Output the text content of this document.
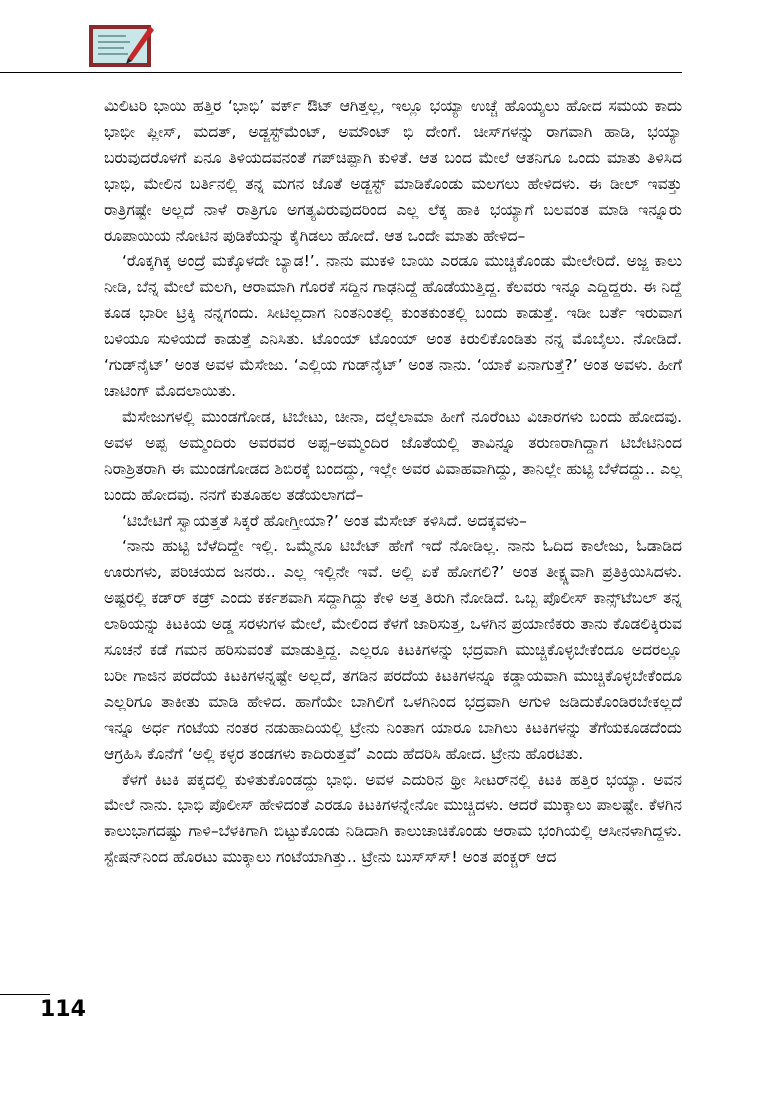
ಮಿಲಿಟರಿ ಭಾಯಿ ಹತ್ತಿರ ‘ಭಾಭಿ’ ವರ್ಕ್ ಔಟ್ ಆಗಿತ್ತಲ್ಲ, ಇಲ್ಲೂ ಭಯ್ಯಾ ಉಚ್ಚೆ ಹೊಯ್ಯಲು ಹೋದ ಸಮಯ ಕಾದು ಭಾಭೀ ಪ್ಲೀಸ್, ಮದತ್, ಅಡ್ಜಸ್ಟ್‌ಮೆಂಟ್, ಅಮೌಂಟ್ ಭಿ ದೇಂಗೆ. ಚೀಸ್‌ಗಳನ್ನು ರಾಗವಾಗಿ ಹಾಡಿ, ಭಯ್ಯಾ ಬರುವುದರೊಳಗೆ ಏನೂ ತಿಳಿಯದವನಂತೆ ಗಪ್‌ಚಿಪ್ಪಾಗಿ ಕುಳಿತೆ. ಆತ ಬಂದ ಮೇಲೆ ಆತನಿಗೂ ಒಂದು ಮಾತು ತಿಳಿಸಿದ ಭಾಭಿ, ಮೇಲಿನ ಬರ್ತಿನಲ್ಲಿ ತನ್ನ ಮಗನ ಜೊತೆ ಅಡ್ಜಸ್ಟ್ ಮಾಡಿಕೊಂಡು ಮಲಗಲು ಹೇಳಿದಳು. ಈ ಡೀಲ್ ಇವತ್ತು ರಾತ್ರಿಗಷ್ಟೇ ಅಲ್ಲದೆ ನಾಳೆ ರಾತ್ರಿಗೂ ಅಗತ್ಯವಿರುವುದರಿಂದ ಎಲ್ಲ ಲೆಕ್ಕ ಹಾಕಿ ಭಯ್ಯಾಗೆ ಬಲವಂತ ಮಾಡಿ ಇನ್ನೂರು ರೂಪಾಯಿಯ ನೋಟಿನ ಪುಡಿಕೆಯನ್ನು ಕೈಗಿಡಲು ಹೋದೆ. ಆತ ಒಂದೇ ಮಾತು ಹೇಳಿದ–

‘ರೊಕ್ಕಗಿಕ್ಕ ಅಂದ್ರೆ ಮಕ್ಕೊಳದೇ ಬ್ಯಾಡ!’. ನಾನು ಮುಕಳಿ ಬಾಯಿ ಎರಡೂ ಮುಚ್ಚಿಕೊಂಡು ಮೇಲೇರಿದೆ. ಅಜ್ಜ ಕಾಲು ನೀಡಿ, ಬೆನ್ನ ಮೇಲೆ ಮಲಗಿ, ಆರಾಮಾಗಿ ಗೊರಕೆ ಸದ್ದಿನ ಗಾಢನಿದ್ದೆ ಹೊಡೆಯುತ್ತಿದ್ದ. ಕೆಲವರು ಇನ್ನೂ ಎದ್ದಿದ್ದರು. ಈ ನಿದ್ದೆ ಕೂಡ ಭಾರೀ ಟ್ರಿಕ್ಕಿ ನನ್ನಗಂದು. ಸೀಟಿಲ್ಲದಾಗ ನಿಂತನಿಂತಲ್ಲಿ ಕುಂತಕುಂತಲ್ಲಿ ಬಂದು ಕಾಡುತ್ತೆ. ಇಡೀ ಬರ್ತೆ ಇರುವಾಗ ಬಳಿಯೂ ಸುಳಿಯದೆ ಕಾಡುತ್ತೆ ಎನಿಸಿತು. ಟೊಂಯ್ ಟೊಂಯ್ ಅಂತ ಕಿರುಲಿಕೊಂಡಿತು ನನ್ನ ಮೊಬೈಲು. ನೋಡಿದೆ. ‘ಗುಡ್‌ನೈಟ್’ ಅಂತ ಅವಳ ಮೆಸೇಜು. ‘ಎಲ್ಲಿಯ ಗುಡ್‌ನೈಟ್’ ಅಂತ ನಾನು. ‘ಯಾಕೆ ಏನಾಗುತ್ತೆ?’ ಅಂತ ಅವಳು. ಹೀಗೆ ಚಾಟಿಂಗ್ ಮೊದಲಾಯಿತು.

ಮೆಸೇಜುಗಳಲ್ಲಿ ಮುಂಡಗೋಡ, ಟಿಬೇಟು, ಚೀನಾ, ದಲ್ಲೆಲಾಮಾ ಹೀಗೆ ನೂರೆಂಟು ವಿಚಾರಗಳು ಬಂದು ಹೋದವು. ಅವಳ ಅಪ್ಪ ಅಮ್ಮಂದಿರು ಅವರವರ ಅಪ್ಪ–ಅಮ್ಮಂದಿರ ಜೊತೆಯಲ್ಲಿ ತಾವಿನ್ನೂ ತರುಣರಾಗಿದ್ದಾಗ ಟಿಬೇಟಿನಿಂದ ನಿರಾಶ್ರಿತರಾಗಿ ಈ ಮುಂಡಗೋಡದ ಶಿಬಿರಕ್ಕೆ ಬಂದದ್ದು, ಇಲ್ಲೇ ಅವರ ವಿವಾಹವಾಗಿದ್ದು, ತಾನಿಲ್ಲೇ ಹುಟ್ಟಿ ಬೆಳೆದದ್ದು.. ಎಲ್ಲ ಬಂದು ಹೋದವು. ನನಗೆ ಕುತೂಹಲ ತಡೆಯಲಾಗದೆ–

‘ಟಿಬೇಟಿಗೆ ಸ್ವಾಯತ್ತತೆ ಸಿಕ್ಕರೆ ಹೋಗ್ತೀಯಾ?’ ಅಂತ ಮೆಸೇಜ್ ಕಳಿಸಿದೆ. ಅದಕ್ಕವಳು–

‘ನಾನು ಹುಟ್ಟಿ ಬೆಳೆದಿದ್ದೇ ಇಲ್ಲಿ. ಒಮ್ಮೆನೂ ಟಿಬೇಟ್ ಹೇಗೆ ಇದೆ ನೋಡಿಲ್ಲ. ನಾನು ಓದಿದ ಕಾಲೇಜು, ಓಡಾಡಿದ ಊರುಗಳು, ಪರಿಚಯದ ಜನರು.. ಎಲ್ಲ ಇಲ್ಲಿನೇ ಇವೆ. ಅಲ್ಲಿ ಏಕೆ ಹೋಗಲಿ?’ ಅಂತ ತೀಕ್ಷ್ಣವಾಗಿ ಪ್ರತಿಕ್ರಿಯಿಸಿದಳು. ಅಷ್ಟರಲ್ಲಿ ಕಡ್‌ರ್ ಕಡ್ರ್ ಎಂದು ಕರ್ಕಶವಾಗಿ ಸದ್ದಾಗಿದ್ದು ಕೇಳಿ ಅತ್ತ ತಿರುಗಿ ನೋಡಿದೆ. ಒಬ್ಬ ಪೊಲೀಸ್ ಕಾನ್ಸ್‌ಟೆಬಲ್ ತನ್ನ ಲಾಠಿಯನ್ನು ಕಿಟಕಿಯ ಅಡ್ಡ ಸರಳುಗಳ ಮೇಲೆ, ಮೇಲಿಂದ ಕೆಳಗೆ ಜಾರಿಸುತ್ತ, ಒಳಗಿನ ಪ್ರಯಾಣಿಕರು ತಾನು ಕೊಡಲಿಕ್ಕಿರುವ ಸೂಚನೆ ಕಡೆ ಗಮನ ಹರಿಸುವಂತೆ ಮಾಡುತ್ತಿದ್ದ. ಎಲ್ಲರೂ ಕಿಟಕಿಗಳನ್ನು ಭದ್ರವಾಗಿ ಮುಚ್ಚಿಕೊಳ್ಳಬೇಕೆಂದೂ ಅದರಲ್ಲೂ ಬರೀ ಗಾಜಿನ ಪರದೆಯ ಕಿಟಕಿಗಳನ್ನಷ್ಟೇ ಅಲ್ಲದೆ, ತಗಡಿನ ಪರದೆಯ ಕಿಟಕಿಗಳನ್ನೂ ಕಡ್ಡಾಯವಾಗಿ ಮುಚ್ಚಿಕೊಳ್ಳಬೇಕೆಂದೂ ಎಲ್ಲರಿಗೂ ತಾಕೀತು ಮಾಡಿ ಹೇಳಿದ. ಹಾಗೆಯೇ ಬಾಗಿಲಿಗೆ ಒಳಗಿನಿಂದ ಭದ್ರವಾಗಿ ಅಗುಳಿ ಜಡಿದುಕೊಂಡಿರಬೇಕಲ್ಲದೆ ಇನ್ನೂ ಅರ್ಧ ಗಂಟೆಯ ನಂತರ ನಡುಹಾದಿಯಲ್ಲಿ ಟ್ರೇನು ನಿಂತಾಗ ಯಾರೂ ಬಾಗಿಲು ಕಿಟಕಿಗಳನ್ನು ತೆಗೆಯಕೂಡದೆಂದು ಆಗ್ರಹಿಸಿ ಕೊನೆಗೆ ‘ಅಲ್ಲಿ ಕಳ್ಳರ ತಂಡಗಳು ಕಾದಿರುತ್ತವೆ’ ಎಂದು ಹೆದರಿಸಿ ಹೋದ. ಟ್ರೇನು ಹೊರಟಿತು.

ಕೆಳಗೆ ಕಿಟಕಿ ಪಕ್ಕದಲ್ಲಿ ಕುಳಿತುಕೊಂಡದ್ದು ಭಾಭಿ. ಅವಳ ಎದುರಿನ ಥ್ರೀ ಸೀಟರ್‌ನಲ್ಲಿ ಕಿಟಕಿ ಹತ್ತಿರ ಭಯ್ಯಾ. ಅವನ ಮೇಲೆ ನಾನು. ಭಾಭಿ ಪೊಲೀಸ್ ಹೇಳಿದಂತೆ ಎರಡೂ ಕಿಟಕಿಗಳನ್ನೇನೋ ಮುಚ್ಚಿದಳು. ಆದರೆ ಮುಕ್ಕಾಲು ಪಾಲಷ್ಟೇ. ಕೆಳಗಿನ ಕಾಲುಭಾಗದಷ್ಟು ಗಾಳಿ–ಬೆಳಕಿಗಾಗಿ ಬಿಟ್ಟುಕೊಂಡು ನಿಡಿದಾಗಿ ಕಾಲುಚಾಚಿಕೊಂಡು ಆರಾಮ ಭಂಗಿಯಲ್ಲಿ ಆಸೀನಳಾಗಿದ್ದಳು. ಸ್ಟೇಷನ್‌ನಿಂದ ಹೊರಟು ಮುಕ್ಕಾಲು ಗಂಟೆಯಾಗಿತ್ತು.. ಟ್ರೇನು ಬುಸ್‌ಸ್‌ಸ್! ಅಂತ ಪಂಕ್ಚರ್ ಆದ

114
